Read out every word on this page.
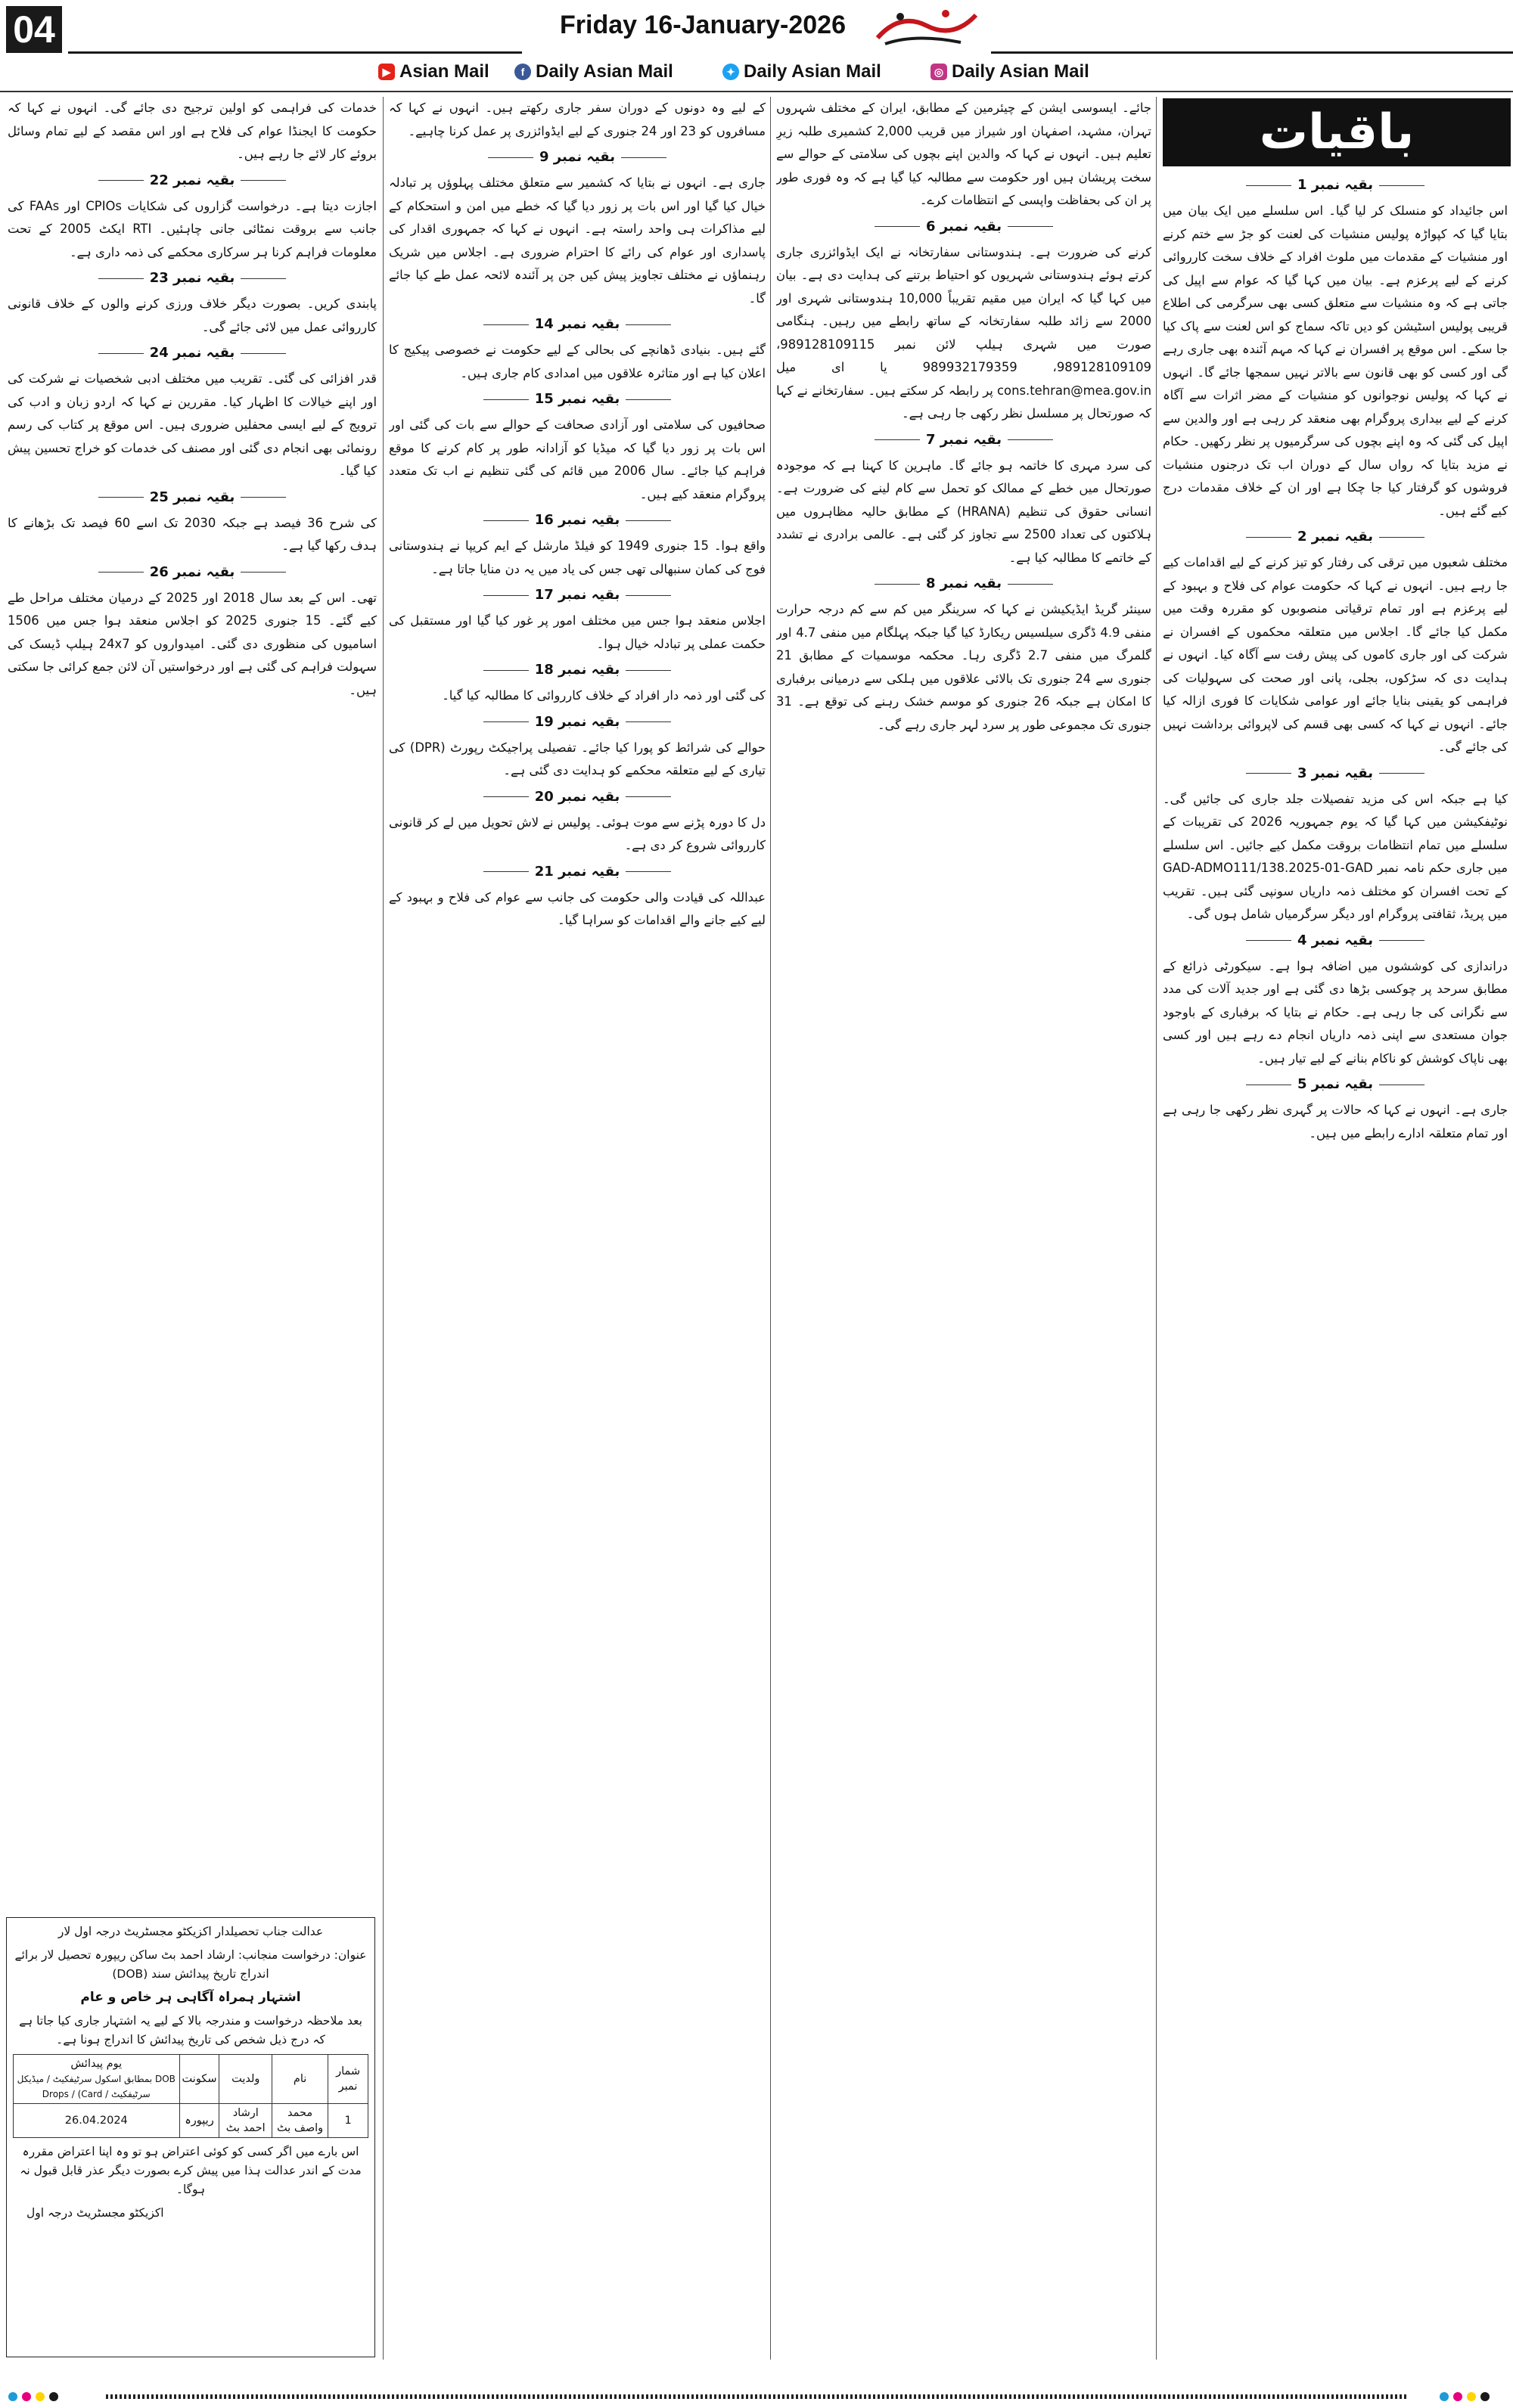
04	Friday 16-January-2026
▶ Asian Mail	f Daily Asian Mail	✦ Daily Asian Mail	◎ Daily Asian Mail
باقیات
بقیہ نمبر 1

اس جائیداد کو منسلک کر لیا گیا۔ اس سلسلے میں ایک بیان میں بتایا گیا کہ کپواڑہ پولیس منشیات کی لعنت کو جڑ سے ختم کرنے اور منشیات کے مقدمات میں ملوث افراد کے خلاف سخت کارروائی کرنے کے لیے پرعزم ہے۔ بیان میں کہا گیا کہ عوام سے اپیل کی جاتی ہے کہ وہ منشیات سے متعلق کسی بھی سرگرمی کی اطلاع قریبی پولیس اسٹیشن کو دیں تاکہ سماج کو اس لعنت سے پاک کیا جا سکے۔ اس موقع پر افسران نے کہا کہ مہم آئندہ بھی جاری رہے گی اور کسی کو بھی قانون سے بالاتر نہیں سمجھا جائے گا۔ انہوں نے کہا کہ پولیس نوجوانوں کو منشیات کے مضر اثرات سے آگاہ کرنے کے لیے بیداری پروگرام بھی منعقد کر رہی ہے اور والدین سے اپیل کی گئی کہ وہ اپنے بچوں کی سرگرمیوں پر نظر رکھیں۔ حکام نے مزید بتایا کہ رواں سال کے دوران اب تک درجنوں منشیات فروشوں کو گرفتار کیا جا چکا ہے اور ان کے خلاف مقدمات درج کیے گئے ہیں۔

بقیہ نمبر 2

مختلف شعبوں میں ترقی کی رفتار کو تیز کرنے کے لیے اقدامات کیے جا رہے ہیں۔ انہوں نے کہا کہ حکومت عوام کی فلاح و بہبود کے لیے پرعزم ہے اور تمام ترقیاتی منصوبوں کو مقررہ وقت میں مکمل کیا جائے گا۔ اجلاس میں متعلقہ محکموں کے افسران نے شرکت کی اور جاری کاموں کی پیش رفت سے آگاہ کیا۔ انہوں نے ہدایت دی کہ سڑکوں، بجلی، پانی اور صحت کی سہولیات کی فراہمی کو یقینی بنایا جائے اور عوامی شکایات کا فوری ازالہ کیا جائے۔ انہوں نے کہا کہ کسی بھی قسم کی لاپروائی برداشت نہیں کی جائے گی۔

بقیہ نمبر 3

کیا ہے جبکہ اس کی مزید تفصیلات جلد جاری کی جائیں گی۔ نوٹیفکیشن میں کہا گیا کہ یوم جمہوریہ 2026 کی تقریبات کے سلسلے میں تمام انتظامات بروقت مکمل کیے جائیں۔ اس سلسلے میں جاری حکم نامہ نمبر GAD-ADMO111/138.2025-01-GAD کے تحت افسران کو مختلف ذمہ داریاں سونپی گئی ہیں۔ تقریب میں پریڈ، ثقافتی پروگرام اور دیگر سرگرمیاں شامل ہوں گی۔

بقیہ نمبر 4

دراندازی کی کوششوں میں اضافہ ہوا ہے۔ سیکورٹی ذرائع کے مطابق سرحد پر چوکسی بڑھا دی گئی ہے اور جدید آلات کی مدد سے نگرانی کی جا رہی ہے۔ حکام نے بتایا کہ برفباری کے باوجود جوان مستعدی سے اپنی ذمہ داریاں انجام دے رہے ہیں اور کسی بھی ناپاک کوشش کو ناکام بنانے کے لیے تیار ہیں۔

بقیہ نمبر 5

جاری ہے۔ انہوں نے کہا کہ حالات پر گہری نظر رکھی جا رہی ہے اور تمام متعلقہ ادارے رابطے میں ہیں۔

جائے۔ ایسوسی ایشن کے چیئرمین کے مطابق، ایران کے مختلف شہروں تہران، مشہد، اصفہان اور شیراز میں قریب 2,000 کشمیری طلبہ زیرِ تعلیم ہیں۔ انہوں نے کہا کہ والدین اپنے بچوں کی سلامتی کے حوالے سے سخت پریشان ہیں اور حکومت سے مطالبہ کیا گیا ہے کہ وہ فوری طور پر ان کی بحفاظت واپسی کے انتظامات کرے۔

بقیہ نمبر 6

کرنے کی ضرورت ہے۔ ہندوستانی سفارتخانہ نے ایک ایڈوائزری جاری کرتے ہوئے ہندوستانی شہریوں کو احتیاط برتنے کی ہدایت دی ہے۔ بیان میں کہا گیا کہ ایران میں مقیم تقریباً 10,000 ہندوستانی شہری اور 2000 سے زائد طلبہ سفارتخانہ کے ساتھ رابطے میں رہیں۔ ہنگامی صورت میں شہری ہیلپ لائن نمبر 989128109115، 989128109109، 989932179359 یا ای میل cons.tehran@mea.gov.in پر رابطہ کر سکتے ہیں۔ سفارتخانے نے کہا کہ صورتحال پر مسلسل نظر رکھی جا رہی ہے۔

بقیہ نمبر 7

کی سرد مہری کا خاتمہ ہو جائے گا۔ ماہرین کا کہنا ہے کہ موجودہ صورتحال میں خطے کے ممالک کو تحمل سے کام لینے کی ضرورت ہے۔ انسانی حقوق کی تنظیم (HRANA) کے مطابق حالیہ مظاہروں میں ہلاکتوں کی تعداد 2500 سے تجاوز کر گئی ہے۔ عالمی برادری نے تشدد کے خاتمے کا مطالبہ کیا ہے۔

بقیہ نمبر 8

سینئر گریڈ ایڈیکیشن نے کہا کہ سرینگر میں کم سے کم درجہ حرارت منفی 4.9 ڈگری سیلسیس ریکارڈ کیا گیا جبکہ پہلگام میں منفی 4.7 اور گلمرگ میں منفی 2.7 ڈگری رہا۔ محکمہ موسمیات کے مطابق 21 جنوری سے 24 جنوری تک بالائی علاقوں میں ہلکی سے درمیانی برفباری کا امکان ہے جبکہ 26 جنوری کو موسم خشک رہنے کی توقع ہے۔ 31 جنوری تک مجموعی طور پر سرد لہر جاری رہے گی۔

کے لیے وہ دونوں کے دوران سفر جاری رکھتے ہیں۔ انہوں نے کہا کہ مسافروں کو 23 اور 24 جنوری کے لیے ایڈوائزری پر عمل کرنا چاہیے۔

بقیہ نمبر 9

جاری ہے۔ انہوں نے بتایا کہ کشمیر سے متعلق مختلف پہلوؤں پر تبادلہ خیال کیا گیا اور اس بات پر زور دیا گیا کہ خطے میں امن و استحکام کے لیے مذاکرات ہی واحد راستہ ہے۔ انہوں نے کہا کہ جمہوری اقدار کی پاسداری اور عوام کی رائے کا احترام ضروری ہے۔ اجلاس میں شریک رہنماؤں نے مختلف تجاویز پیش کیں جن پر آئندہ لائحہ عمل طے کیا جائے گا۔

بقیہ نمبر 14

گئے ہیں۔ بنیادی ڈھانچے کی بحالی کے لیے حکومت نے خصوصی پیکیج کا اعلان کیا ہے اور متاثرہ علاقوں میں امدادی کام جاری ہیں۔

بقیہ نمبر 15

صحافیوں کی سلامتی اور آزادی صحافت کے حوالے سے بات کی گئی اور اس بات پر زور دیا گیا کہ میڈیا کو آزادانہ طور پر کام کرنے کا موقع فراہم کیا جائے۔ سال 2006 میں قائم کی گئی تنظیم نے اب تک متعدد پروگرام منعقد کیے ہیں۔

بقیہ نمبر 16

واقع ہوا۔ 15 جنوری 1949 کو فیلڈ مارشل کے ایم کریپا نے ہندوستانی فوج کی کمان سنبھالی تھی جس کی یاد میں یہ دن منایا جاتا ہے۔

بقیہ نمبر 17

اجلاس منعقد ہوا جس میں مختلف امور پر غور کیا گیا اور مستقبل کی حکمت عملی پر تبادلہ خیال ہوا۔

بقیہ نمبر 18

کی گئی اور ذمہ دار افراد کے خلاف کارروائی کا مطالبہ کیا گیا۔

بقیہ نمبر 19

حوالے کی شرائط کو پورا کیا جائے۔ تفصیلی پراجیکٹ رپورٹ (DPR) کی تیاری کے لیے متعلقہ محکمے کو ہدایت دی گئی ہے۔

بقیہ نمبر 20

دل کا دورہ پڑنے سے موت ہوئی۔ پولیس نے لاش تحویل میں لے کر قانونی کارروائی شروع کر دی ہے۔

بقیہ نمبر 21

عبداللہ کی قیادت والی حکومت کی جانب سے عوام کی فلاح و بہبود کے لیے کیے جانے والے اقدامات کو سراہا گیا۔

خدمات کی فراہمی کو اولین ترجیح دی جائے گی۔ انہوں نے کہا کہ حکومت کا ایجنڈا عوام کی فلاح ہے اور اس مقصد کے لیے تمام وسائل بروئے کار لائے جا رہے ہیں۔

بقیہ نمبر 22

اجازت دیتا ہے۔ درخواست گزاروں کی شکایات CPIOs اور FAAs کی جانب سے بروقت نمٹائی جانی چاہئیں۔ RTI ایکٹ 2005 کے تحت معلومات فراہم کرنا ہر سرکاری محکمے کی ذمہ داری ہے۔

بقیہ نمبر 23

پابندی کریں۔ بصورت دیگر خلاف ورزی کرنے والوں کے خلاف قانونی کارروائی عمل میں لائی جائے گی۔

بقیہ نمبر 24

قدر افزائی کی گئی۔ تقریب میں مختلف ادبی شخصیات نے شرکت کی اور اپنے خیالات کا اظہار کیا۔ مقررین نے کہا کہ اردو زبان و ادب کی ترویج کے لیے ایسی محفلیں ضروری ہیں۔ اس موقع پر کتاب کی رسم رونمائی بھی انجام دی گئی اور مصنف کی خدمات کو خراج تحسین پیش کیا گیا۔

بقیہ نمبر 25

کی شرح 36 فیصد ہے جبکہ 2030 تک اسے 60 فیصد تک بڑھانے کا ہدف رکھا گیا ہے۔

بقیہ نمبر 26

تھی۔ اس کے بعد سال 2018 اور 2025 کے درمیان مختلف مراحل طے کیے گئے۔ 15 جنوری 2025 کو اجلاس منعقد ہوا جس میں 1506 اسامیوں کی منظوری دی گئی۔ امیدواروں کو 24x7 ہیلپ ڈیسک کی سہولت فراہم کی گئی ہے اور درخواستیں آن لائن جمع کرائی جا سکتی ہیں۔

عدالت جناب تحصیلدار اکزیکٹو مجسٹریٹ درجہ اول لار
عنوان: درخواست منجانب: ارشاد احمد بٹ ساکن ریپورہ تحصیل لار برائے اندراج تاریخ پیدائش سند (DOB)
اشتہار ہمراہ آگاہی ہر خاص و عام
بعد ملاحظہ درخواست و مندرجہ بالا کے لیے یہ اشتہار جاری کیا جاتا ہے کہ درج ذیل شخص کی تاریخ پیدائش کا اندراج ہونا ہے۔
شمار نمبر	نام	ولدیت	سکونت	یوم پیدائش
DOB بمطابق اسکول سرٹیفکیٹ / میڈیکل سرٹیفکیٹ / Drops / (Card
1	محمد واصف بٹ	ارشاد احمد بٹ	ریپورہ	26.04.2024
اس بارے میں اگر کسی کو کوئی اعتراض ہو تو وہ اپنا اعتراض مقررہ مدت کے اندر عدالت ہذا میں پیش کرے بصورت دیگر عذر قابل قبول نہ ہوگا۔
اکزیکٹو مجسٹریٹ درجہ اول
